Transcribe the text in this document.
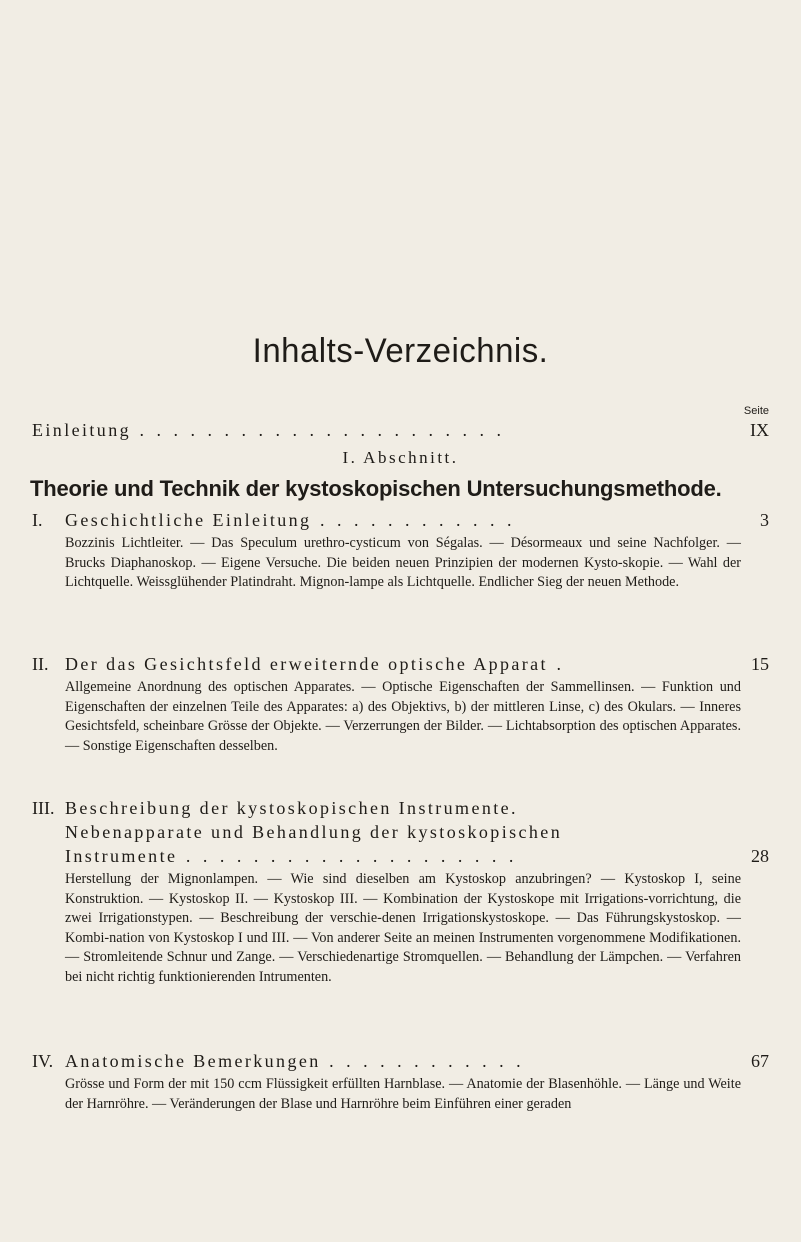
Inhalts-Verzeichnis.
Seite
Einleitung . . . . . . . . . . . . . . . . . . . . . .	IX
I. Abschnitt.
Theorie und Technik der kystoskopischen Untersuchungsmethode.
I. Geschichtliche Einleitung . . . . . . . . . . . .	3

Bozzinis Lichtleiter. — Das Speculum urethro-cysticum von Ségalas. — Désormeaux und seine Nachfolger. — Brucks Diaphanoskop. — Eigene Versuche. Die beiden neuen Prinzipien der modernen Kysto-skopie. — Wahl der Lichtquelle. Weissglühender Platindraht. Mignon-lampe als Lichtquelle. Endlicher Sieg der neuen Methode.

II. Der das Gesichtsfeld erweiternde optische Apparat .	15

Allgemeine Anordnung des optischen Apparates. — Optische Eigenschaften der Sammellinsen. — Funktion und Eigenschaften der einzelnen Teile des Apparates: a) des Objektivs, b) der mittleren Linse, c) des Okulars. — Inneres Gesichtsfeld, scheinbare Grösse der Objekte. — Verzerrungen der Bilder. — Lichtabsorption des optischen Apparates. — Sonstige Eigenschaften desselben.

III. Beschreibung der kystoskopischen Instrumente.
Nebenapparate und Behandlung der kystoskopischen
Instrumente . . . . . . . . . . . . . . . . . . . .	28

Herstellung der Mignonlampen. — Wie sind dieselben am Kystoskop anzubringen? — Kystoskop I, seine Konstruktion. — Kystoskop II. — Kystoskop III. — Kombination der Kystoskope mit Irrigations-vorrichtung, die zwei Irrigationstypen. — Beschreibung der verschie-denen Irrigationskystoskope. — Das Führungskystoskop. — Kombi-nation von Kystoskop I und III. — Von anderer Seite an meinen Instrumenten vorgenommene Modifikationen. — Stromleitende Schnur und Zange. — Verschiedenartige Stromquellen. — Behandlung der Lämpchen. — Verfahren bei nicht richtig funktionierenden Intrumenten.

IV. Anatomische Bemerkungen . . . . . . . . . . . .	67

Grösse und Form der mit 150 ccm Flüssigkeit erfüllten Harnblase. — Anatomie der Blasenhöhle. — Länge und Weite der Harnröhre. — Veränderungen der Blase und Harnröhre beim Einführen einer geraden
